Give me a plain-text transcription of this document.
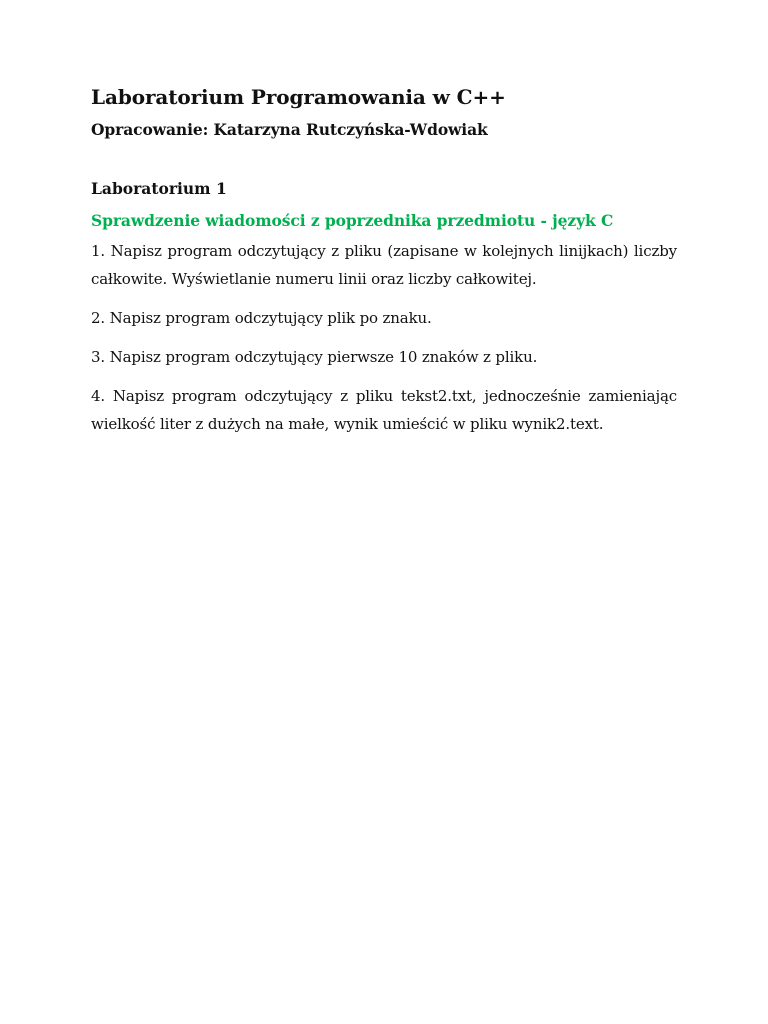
Laboratorium Programowania w C++

Opracowanie: Katarzyna Rutczyńska-Wdowiak

Laboratorium 1
Sprawdzenie wiadomości z poprzednika przedmiotu - język C

1. Napisz program odczytujący z pliku (zapisane w kolejnych linijkach) liczby całkowite. Wyświetlanie numeru linii oraz liczby całkowitej.

2. Napisz program odczytujący plik po znaku.

3. Napisz program odczytujący pierwsze 10 znaków z pliku.

4. Napisz program odczytujący z pliku tekst2.txt, jednocześnie zamieniając wielkość liter z dużych na małe, wynik umieścić w pliku wynik2.text.
